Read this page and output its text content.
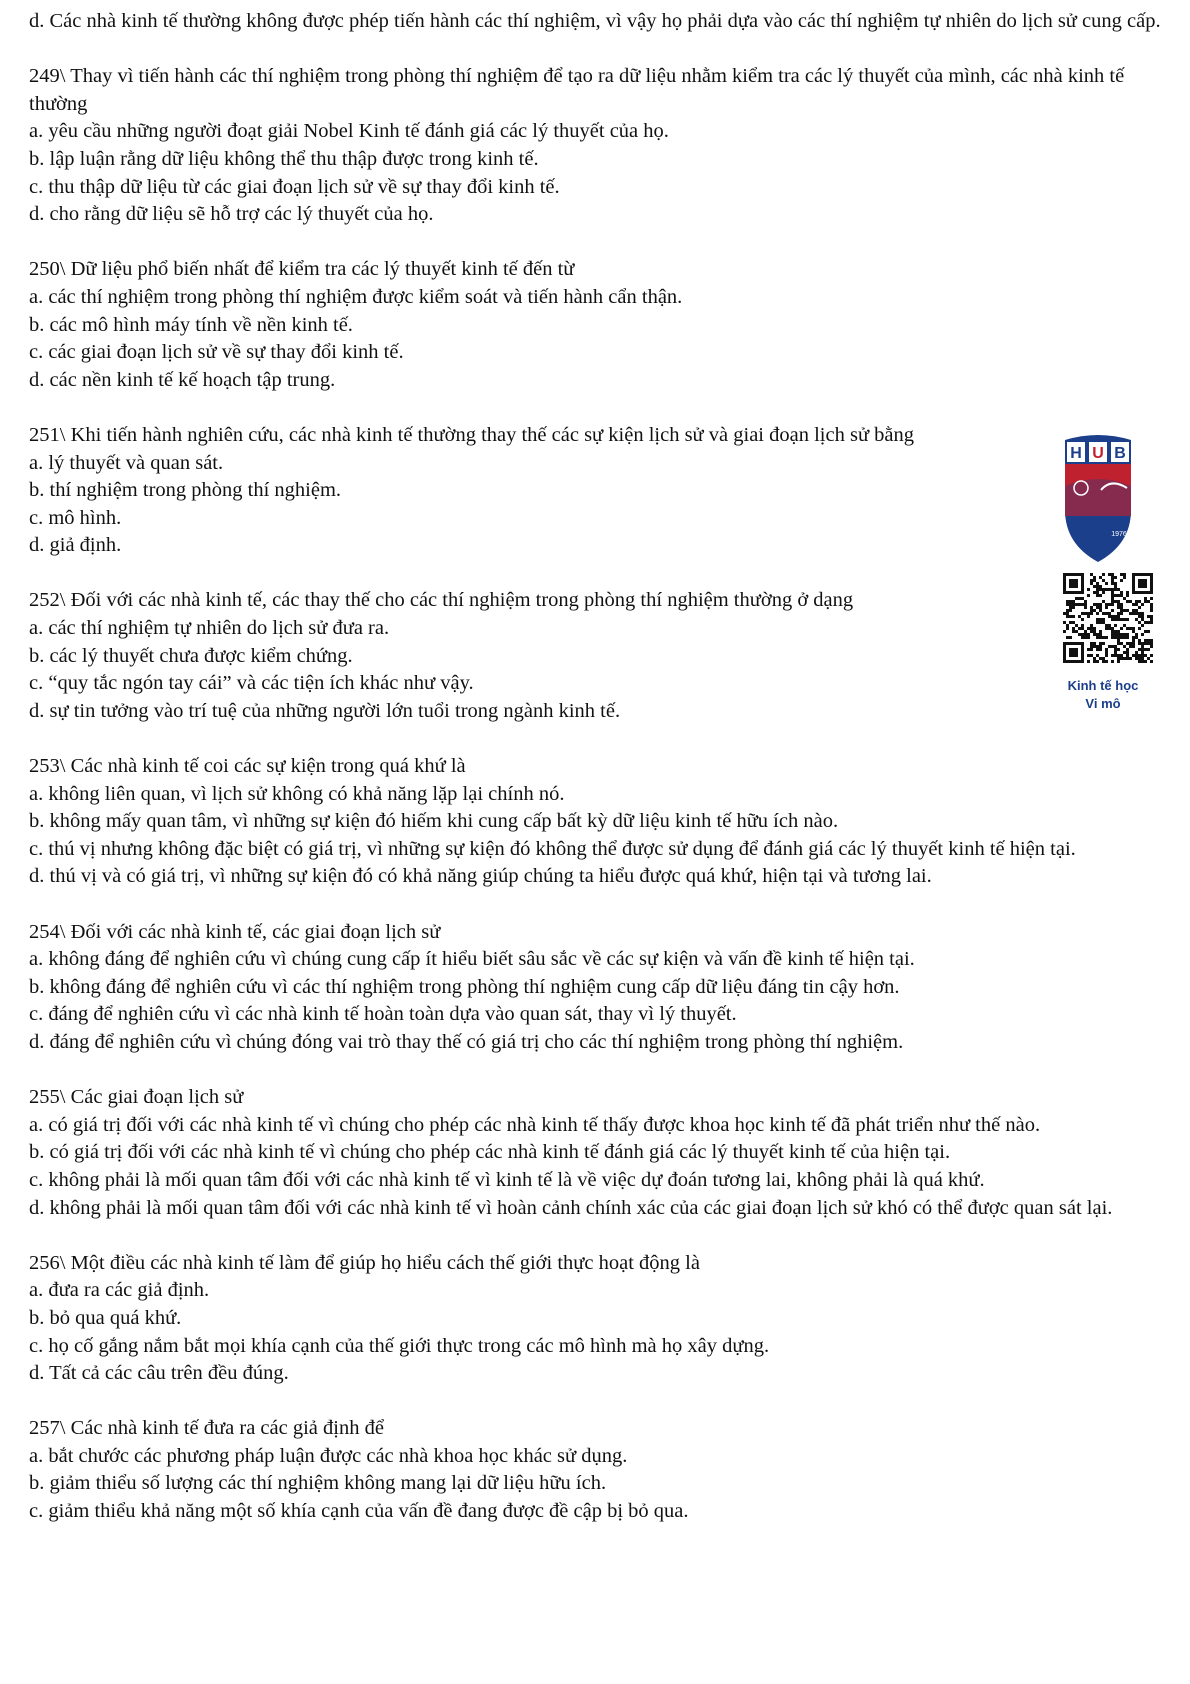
d. Các nhà kinh tế thường không được phép tiến hành các thí nghiệm, vì vậy họ phải dựa vào các thí nghiệm tự nhiên do lịch sử cung cấp.
249\ Thay vì tiến hành các thí nghiệm trong phòng thí nghiệm để tạo ra dữ liệu nhằm kiểm tra các lý thuyết của mình, các nhà kinh tế thường
a. yêu cầu những người đoạt giải Nobel Kinh tế đánh giá các lý thuyết của họ.
b. lập luận rằng dữ liệu không thể thu thập được trong kinh tế.
c. thu thập dữ liệu từ các giai đoạn lịch sử về sự thay đổi kinh tế.
d. cho rằng dữ liệu sẽ hỗ trợ các lý thuyết của họ.
250\ Dữ liệu phổ biến nhất để kiểm tra các lý thuyết kinh tế đến từ
a. các thí nghiệm trong phòng thí nghiệm được kiểm soát và tiến hành cẩn thận.
b. các mô hình máy tính về nền kinh tế.
c. các giai đoạn lịch sử về sự thay đổi kinh tế.
d. các nền kinh tế kế hoạch tập trung.
251\ Khi tiến hành nghiên cứu, các nhà kinh tế thường thay thế các sự kiện lịch sử và giai đoạn lịch sử bằng
a. lý thuyết và quan sát.
b. thí nghiệm trong phòng thí nghiệm.
c. mô hình.
d. giả định.
252\ Đối với các nhà kinh tế, các thay thế cho các thí nghiệm trong phòng thí nghiệm thường ở dạng
a. các thí nghiệm tự nhiên do lịch sử đưa ra.
b. các lý thuyết chưa được kiểm chứng.
c. “quy tắc ngón tay cái” và các tiện ích khác như vậy.
d. sự tin tưởng vào trí tuệ của những người lớn tuổi trong ngành kinh tế.
253\ Các nhà kinh tế coi các sự kiện trong quá khứ là
a. không liên quan, vì lịch sử không có khả năng lặp lại chính nó.
b. không mấy quan tâm, vì những sự kiện đó hiếm khi cung cấp bất kỳ dữ liệu kinh tế hữu ích nào.
c. thú vị nhưng không đặc biệt có giá trị, vì những sự kiện đó không thể được sử dụng để đánh giá các lý thuyết kinh tế hiện tại.
d. thú vị và có giá trị, vì những sự kiện đó có khả năng giúp chúng ta hiểu được quá khứ, hiện tại và tương lai.
254\ Đối với các nhà kinh tế, các giai đoạn lịch sử
a. không đáng để nghiên cứu vì chúng cung cấp ít hiểu biết sâu sắc về các sự kiện và vấn đề kinh tế hiện tại.
b. không đáng để nghiên cứu vì các thí nghiệm trong phòng thí nghiệm cung cấp dữ liệu đáng tin cậy hơn.
c. đáng để nghiên cứu vì các nhà kinh tế hoàn toàn dựa vào quan sát, thay vì lý thuyết.
d. đáng để nghiên cứu vì chúng đóng vai trò thay thế có giá trị cho các thí nghiệm trong phòng thí nghiệm.
255\ Các giai đoạn lịch sử
a. có giá trị đối với các nhà kinh tế vì chúng cho phép các nhà kinh tế thấy được khoa học kinh tế đã phát triển như thế nào.
b. có giá trị đối với các nhà kinh tế vì chúng cho phép các nhà kinh tế đánh giá các lý thuyết kinh tế của hiện tại.
c. không phải là mối quan tâm đối với các nhà kinh tế vì kinh tế là về việc dự đoán tương lai, không phải là quá khứ.
d. không phải là mối quan tâm đối với các nhà kinh tế vì hoàn cảnh chính xác của các giai đoạn lịch sử khó có thể được quan sát lại.
256\ Một điều các nhà kinh tế làm để giúp họ hiểu cách thế giới thực hoạt động là
a. đưa ra các giả định.
b. bỏ qua quá khứ.
c. họ cố gắng nắm bắt mọi khía cạnh của thế giới thực trong các mô hình mà họ xây dựng.
d. Tất cả các câu trên đều đúng.
257\ Các nhà kinh tế đưa ra các giả định để
a. bắt chước các phương pháp luận được các nhà khoa học khác sử dụng.
b. giảm thiểu số lượng các thí nghiệm không mang lại dữ liệu hữu ích.
c. giảm thiểu khả năng một số khía cạnh của vấn đề đang được đề cập bị bỏ qua.
H U B
1976
Kinh tế học
Vi mô
